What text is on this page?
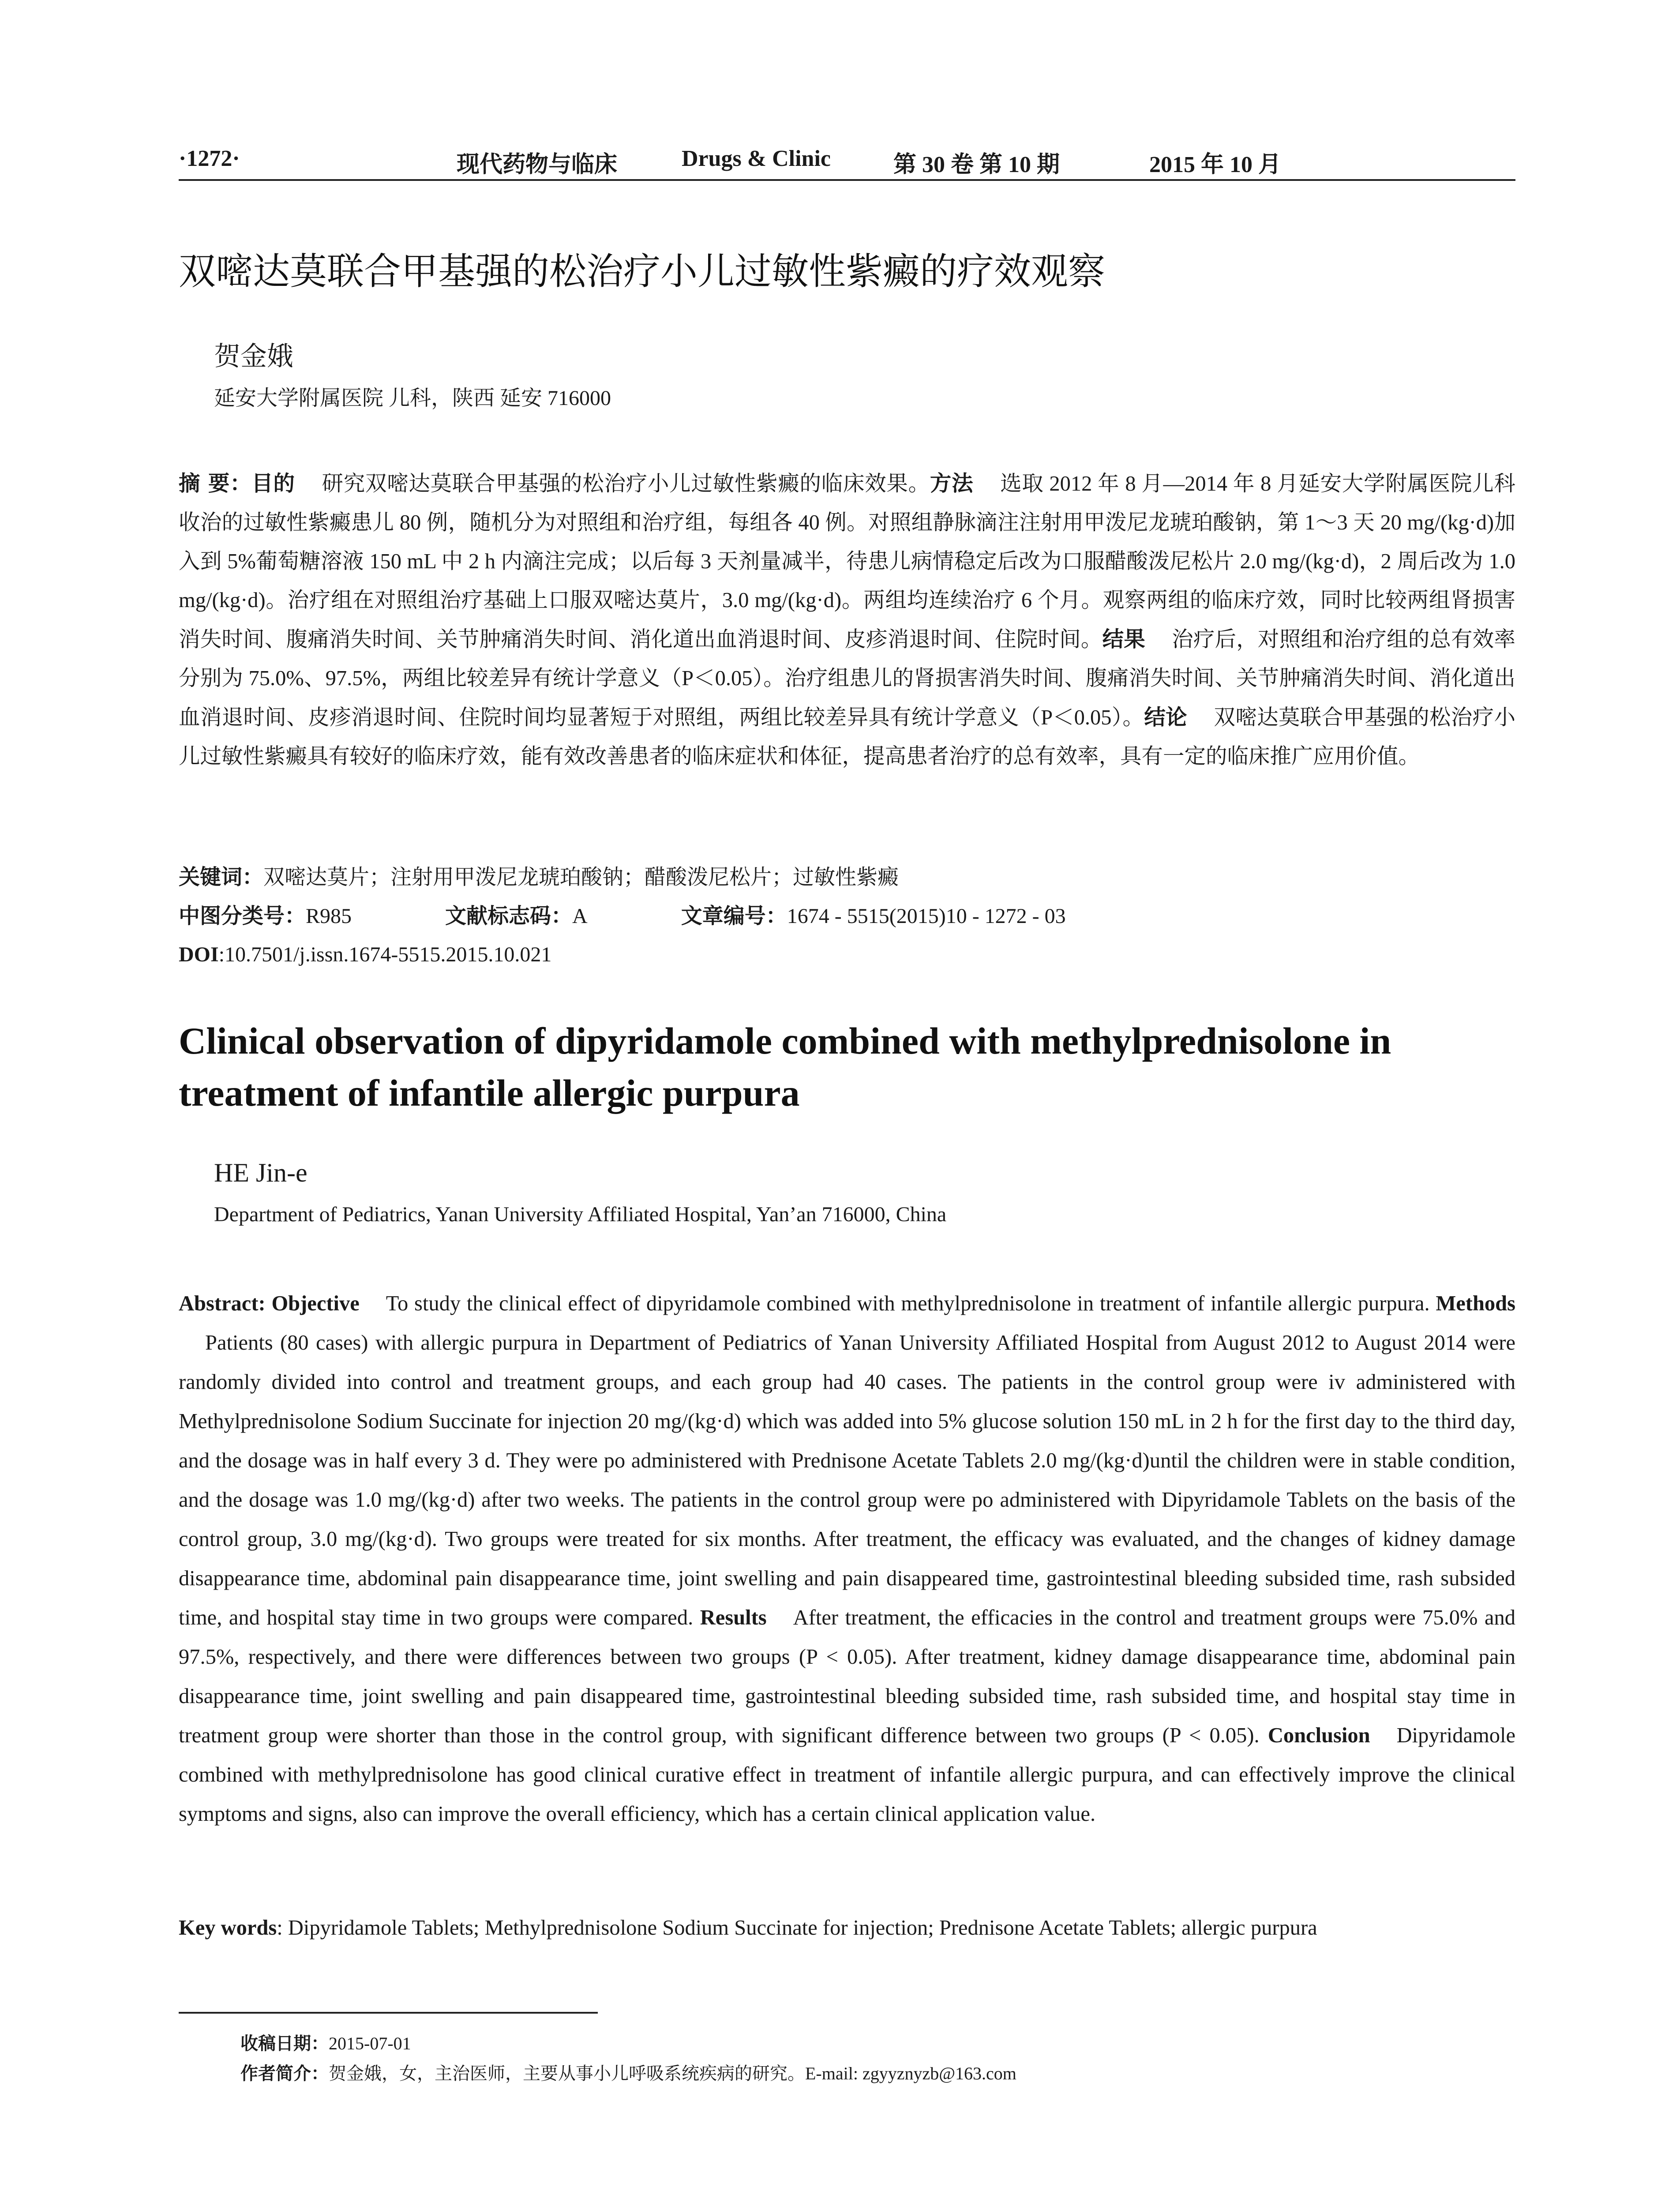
·1272·	现代药物与临床	Drugs & Clinic	第 30 卷 第 10 期	2015 年 10 月
双嘧达莫联合甲基强的松治疗小儿过敏性紫癜的疗效观察
贺金娥
延安大学附属医院 儿科，陕西 延安 716000
摘 要：目的 研究双嘧达莫联合甲基强的松治疗小儿过敏性紫癜的临床效果。方法 选取 2012 年 8 月—2014 年 8 月延安大学附属医院儿科收治的过敏性紫癜患儿 80 例，随机分为对照组和治疗组，每组各 40 例。对照组静脉滴注注射用甲泼尼龙琥珀酸钠，第 1～3 天 20 mg/(kg·d)加入到 5%葡萄糖溶液 150 mL 中 2 h 内滴注完成；以后每 3 天剂量减半，待患儿病情稳定后改为口服醋酸泼尼松片 2.0 mg/(kg·d)，2 周后改为 1.0 mg/(kg·d)。治疗组在对照组治疗基础上口服双嘧达莫片，3.0 mg/(kg·d)。两组均连续治疗 6 个月。观察两组的临床疗效，同时比较两组肾损害消失时间、腹痛消失时间、关节肿痛消失时间、消化道出血消退时间、皮疹消退时间、住院时间。结果 治疗后，对照组和治疗组的总有效率分别为 75.0%、97.5%，两组比较差异有统计学意义（P＜0.05）。治疗组患儿的肾损害消失时间、腹痛消失时间、关节肿痛消失时间、消化道出血消退时间、皮疹消退时间、住院时间均显著短于对照组，两组比较差异具有统计学意义（P＜0.05）。结论 双嘧达莫联合甲基强的松治疗小儿过敏性紫癜具有较好的临床疗效，能有效改善患者的临床症状和体征，提高患者治疗的总有效率，具有一定的临床推广应用价值。
关键词：双嘧达莫片；注射用甲泼尼龙琥珀酸钠；醋酸泼尼松片；过敏性紫癜
中图分类号：R985	文献标志码：A	文章编号：1674 - 5515(2015)10 - 1272 - 03
DOI:10.7501/j.issn.1674-5515.2015.10.021
Clinical observation of dipyridamole combined with methylprednisolone in treatment of infantile allergic purpura
HE Jin-e
Department of Pediatrics, Yanan University Affiliated Hospital, Yan’an 716000, China
Abstract: Objective To study the clinical effect of dipyridamole combined with methylprednisolone in treatment of infantile allergic purpura. MethodsPatients (80 cases) with allergic purpura in Department of Pediatrics of Yanan University Affiliated Hospital from August 2012 to August 2014 were randomly divided into control and treatment groups, and each group had 40 cases. The patients in the control group were iv administered with Methylprednisolone Sodium Succinate for injection 20 mg/(kg·d) which was added into 5% glucose solution 150 mL in 2 h for the first day to the third day, and the dosage was in half every 3 d. They were po administered with Prednisone Acetate Tablets 2.0 mg/(kg·d)until the children were in stable condition, and the dosage was 1.0 mg/(kg·d) after two weeks. The patients in the control group were po administered with Dipyridamole Tablets on the basis of the control group, 3.0 mg/(kg·d). Two groups were treated for six months. After treatment, the efficacy was evaluated, and the changes of kidney damage disappearance time, abdominal pain disappearance time, joint swelling and pain disappeared time, gastrointestinal bleeding subsided time, rash subsided time, and hospital stay time in two groups were compared. Results After treatment, the efficacies in the control and treatment groups were 75.0% and 97.5%, respectively, and there were differences between two groups (P < 0.05). After treatment, kidney damage disappearance time, abdominal pain disappearance time, joint swelling and pain disappeared time, gastrointestinal bleeding subsided time, rash subsided time, and hospital stay time in treatment group were shorter than those in the control group, with significant difference between two groups (P < 0.05). Conclusion Dipyridamole combined with methylprednisolone has good clinical curative effect in treatment of infantile allergic purpura, and can effectively improve the clinical symptoms and signs, also can improve the overall efficiency, which has a certain clinical application value.
Key words: Dipyridamole Tablets; Methylprednisolone Sodium Succinate for injection; Prednisone Acetate Tablets; allergic purpura
收稿日期：2015-07-01
作者简介：贺金娥，女，主治医师，主要从事小儿呼吸系统疾病的研究。E-mail: zgyyznyzb@163.com
